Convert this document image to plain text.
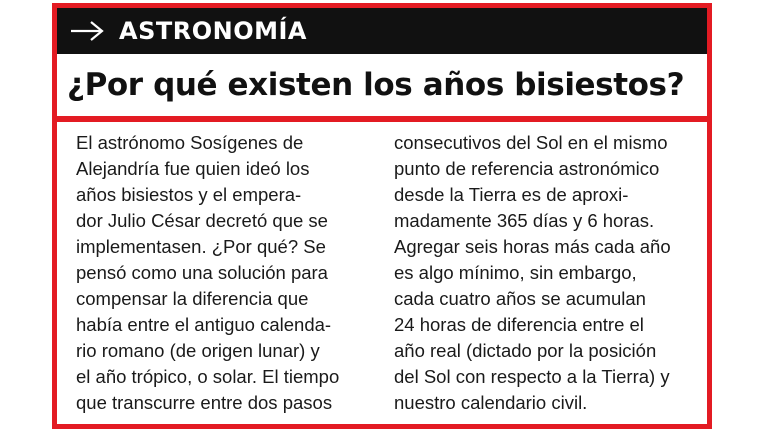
ASTRONOMÍA
¿Por qué existen los años bisiestos?

El astrónomo Sosígenes de
Alejandría fue quien ideó los
años bisiestos y el empera-
dor Julio César decretó que se
implementasen. ¿Por qué? Se
pensó como una solución para
compensar la diferencia que
había entre el antiguo calenda-
rio romano (de origen lunar) y
el año trópico, o solar. El tiempo
que transcurre entre dos pasos

consecutivos del Sol en el mismo
punto de referencia astronómico
desde la Tierra es de aproxi-
madamente 365 días y 6 horas.
Agregar seis horas más cada año
es algo mínimo, sin embargo,
cada cuatro años se acumulan
24 horas de diferencia entre el
año real (dictado por la posición
del Sol con respecto a la Tierra) y
nuestro calendario civil.
